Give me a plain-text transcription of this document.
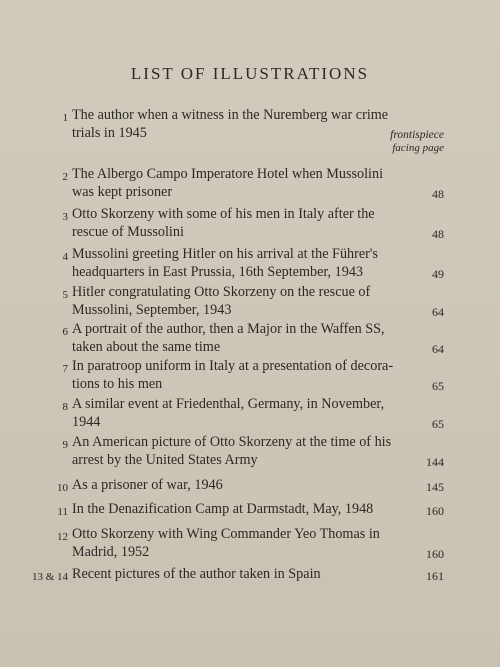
LIST OF ILLUSTRATIONS
facing page
1 The author when a witness in the Nuremberg war crime
trials in 1945	frontispiece
2 The Albergo Campo Imperatore Hotel when Mussolini
was kept prisoner	48
3 Otto Skorzeny with some of his men in Italy after the
rescue of Mussolini	48
4 Mussolini greeting Hitler on his arrival at the Führer's
headquarters in East Prussia, 16th September, 1943	49
5 Hitler congratulating Otto Skorzeny on the rescue of
Mussolini, September, 1943	64
6 A portrait of the author, then a Major in the Waffen SS,
taken about the same time	64
7 In paratroop uniform in Italy at a presentation of decora-
tions to his men	65
8 A similar event at Friedenthal, Germany, in November,
1944	65
9 An American picture of Otto Skorzeny at the time of his
arrest by the United States Army	144
10 As a prisoner of war, 1946	145
11 In the Denazification Camp at Darmstadt, May, 1948	160
12 Otto Skorzeny with Wing Commander Yeo Thomas in
Madrid, 1952	160
13 & 14 Recent pictures of the author taken in Spain	161
